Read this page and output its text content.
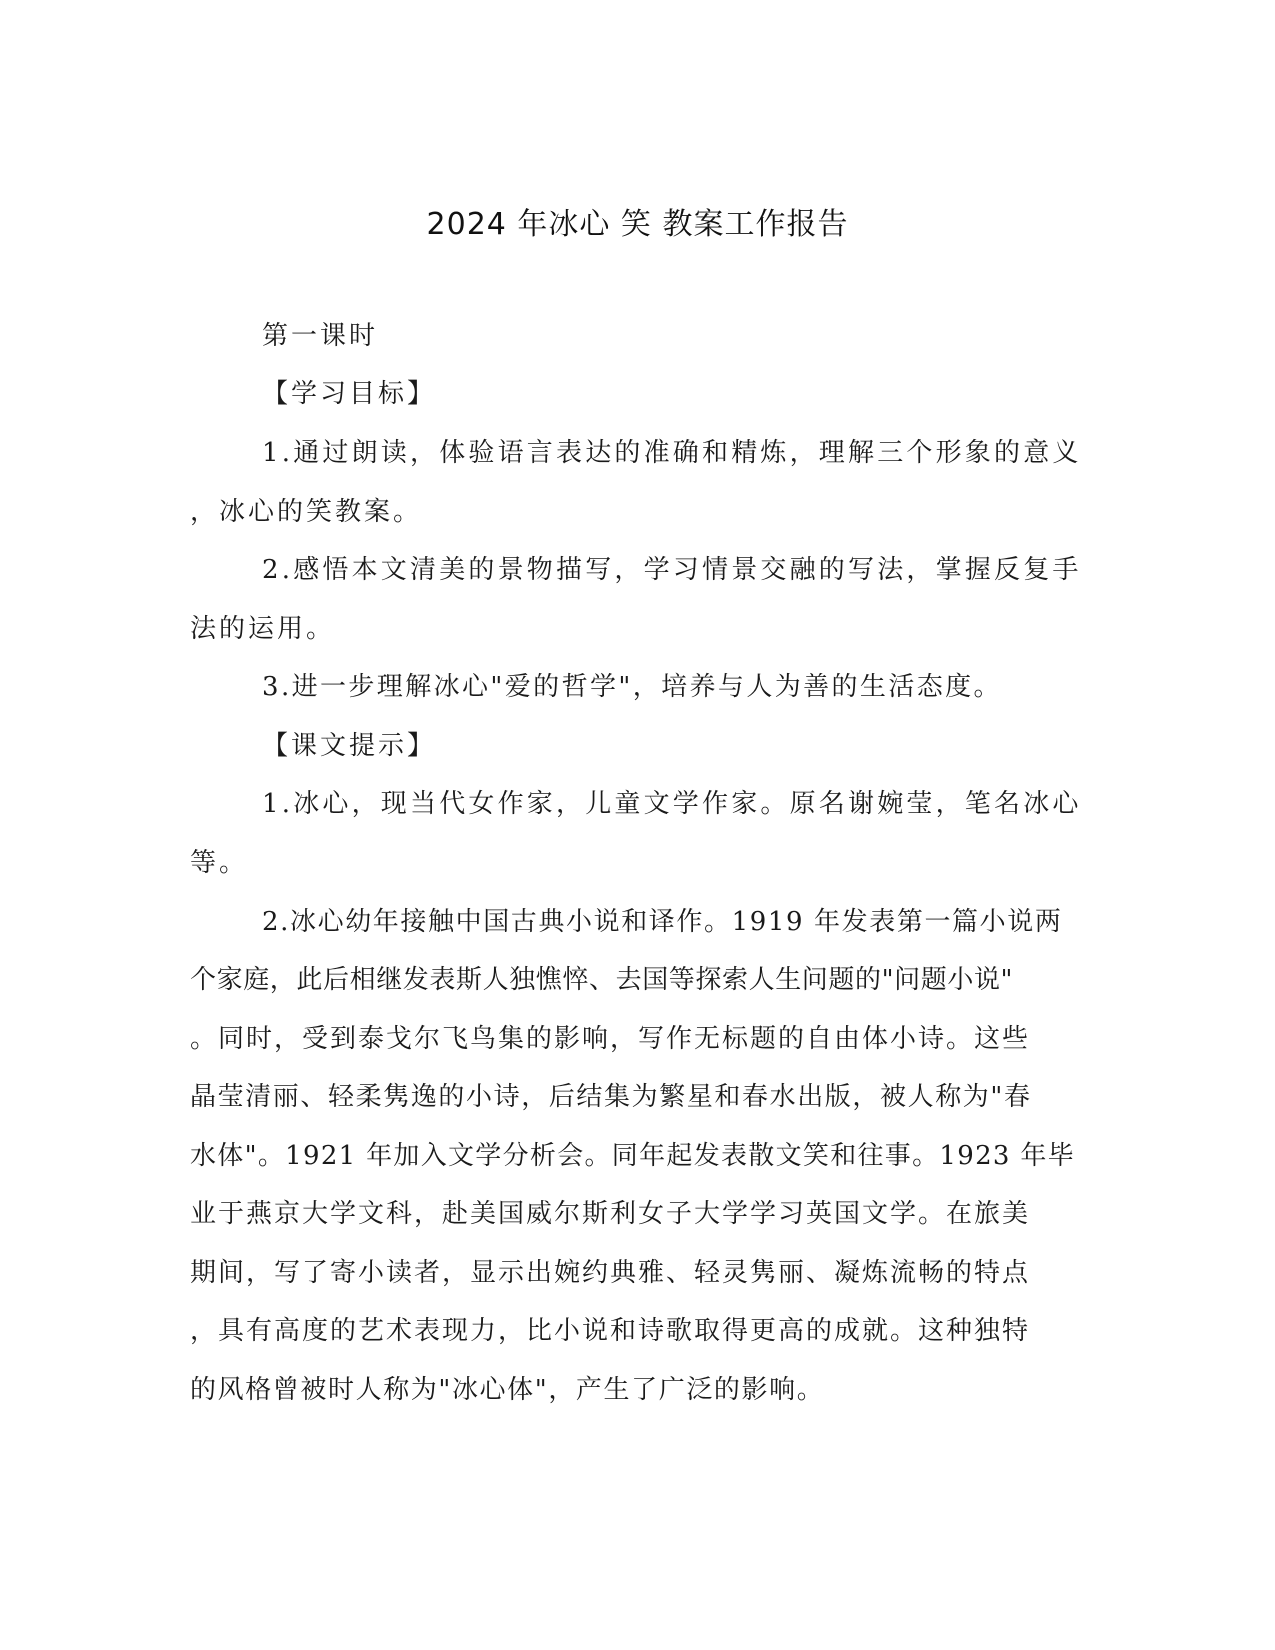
2024 年冰心 笑 教案工作报告
第一课时
【学习目标】
1.通过朗读，体验语言表达的准确和精炼，理解三个形象的意义
，冰心的笑教案。
2.感悟本文清美的景物描写，学习情景交融的写法，掌握反复手
法的运用。
3.进一步理解冰心"爱的哲学"，培养与人为善的生活态度。
【课文提示】
1.冰心，现当代女作家，儿童文学作家。原名谢婉莹，笔名冰心
等。
2.冰心幼年接触中国古典小说和译作。1919 年发表第一篇小说两
个家庭，此后相继发表斯人独憔悴、去国等探索人生问题的"问题小说"
。同时，受到泰戈尔飞鸟集的影响，写作无标题的自由体小诗。这些
晶莹清丽、轻柔隽逸的小诗，后结集为繁星和春水出版，被人称为"春
水体"。1921 年加入文学分析会。同年起发表散文笑和往事。1923 年毕
业于燕京大学文科，赴美国威尔斯利女子大学学习英国文学。在旅美
期间，写了寄小读者，显示出婉约典雅、轻灵隽丽、凝炼流畅的特点
，具有高度的艺术表现力，比小说和诗歌取得更高的成就。这种独特
的风格曾被时人称为"冰心体"，产生了广泛的影响。
